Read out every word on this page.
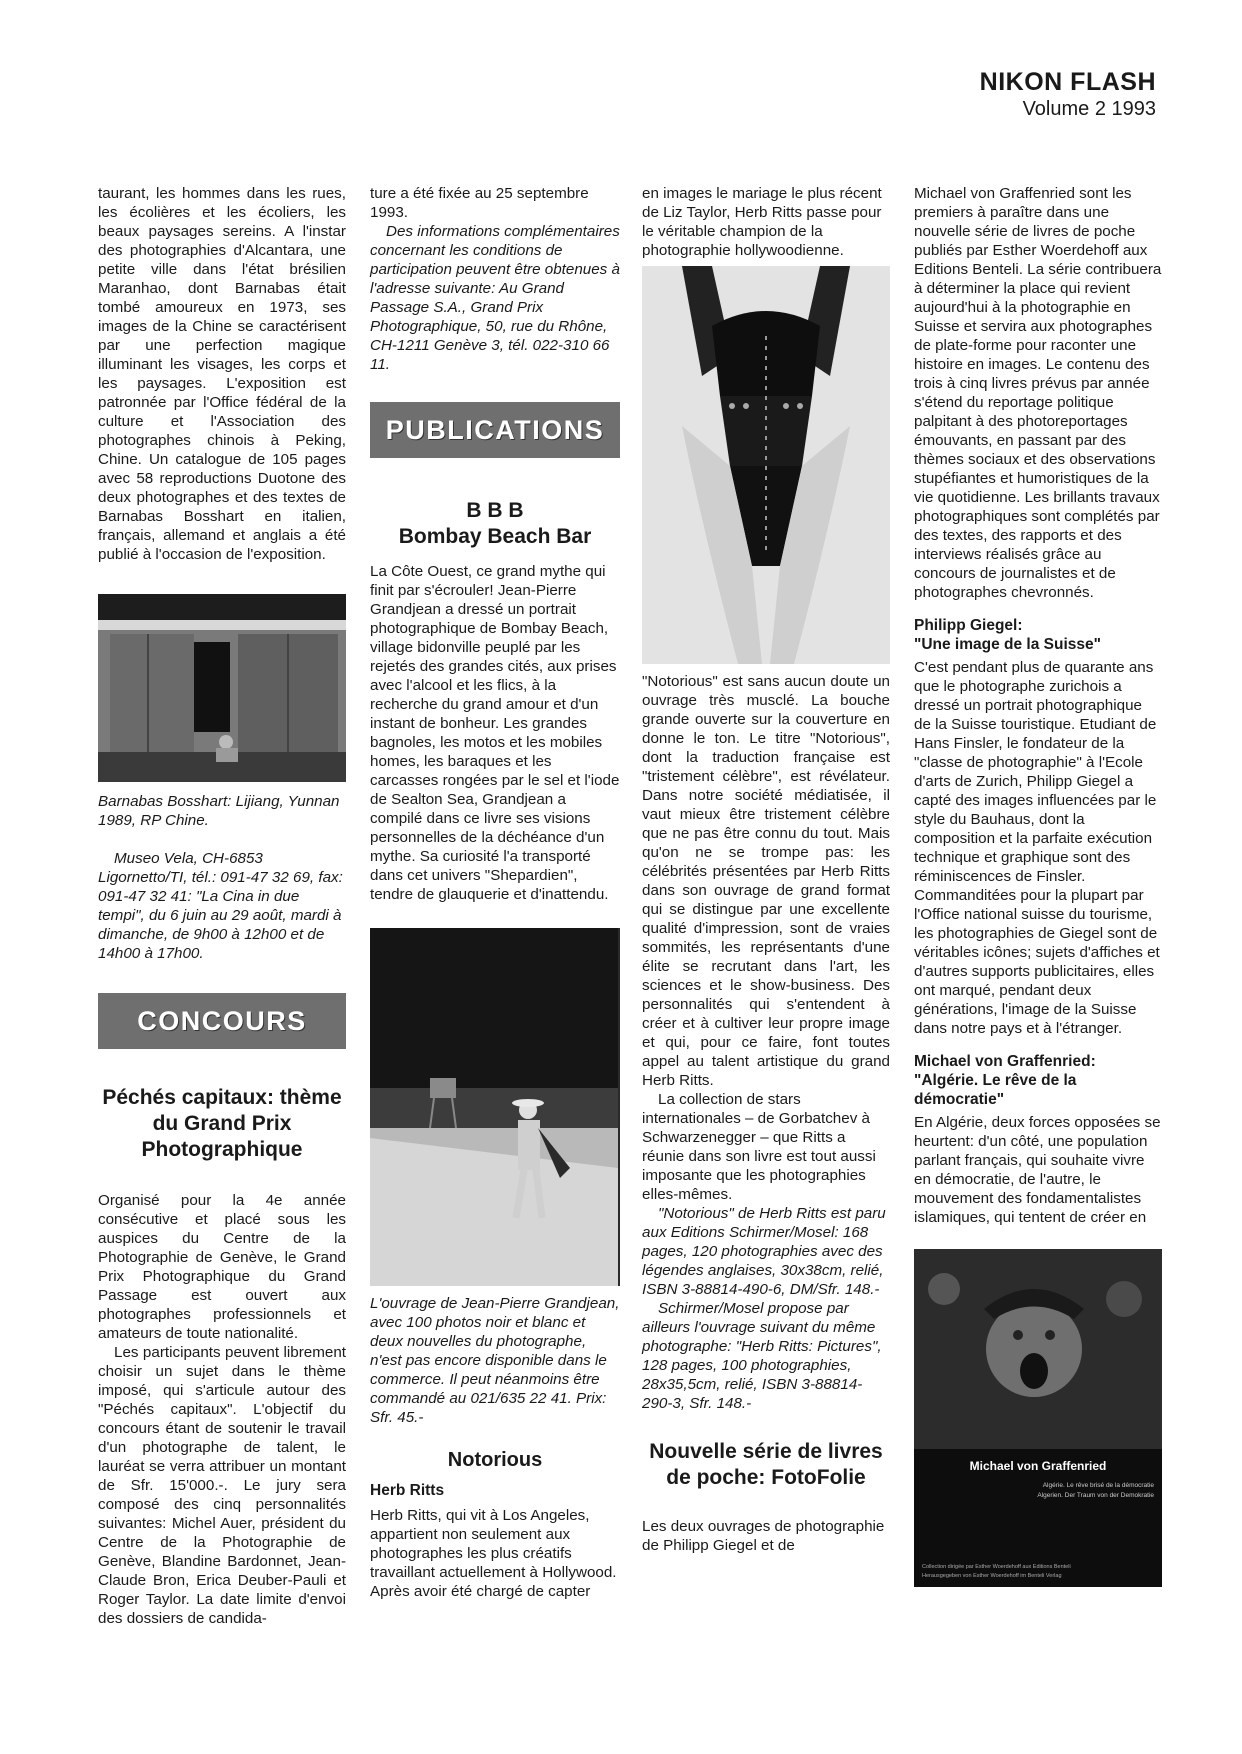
NIKON FLASH
Volume 2 1993

taurant, les hommes dans les rues, les écolières et les écoliers, les beaux paysages sereins. A l'instar des photographies d'Alcantara, une petite ville dans l'état brésilien Maranhao, dont Barnabas était tombé amoureux en 1973, ses images de la Chine se caractérisent par une perfection magique illuminant les visages, les corps et les paysages. L'exposition est patronnée par l'Office fédéral de la culture et l'Association des photographes chinois à Peking, Chine. Un catalogue de 105 pages avec 58 reproductions Duotone des deux photographes et des textes de Barnabas Bosshart en italien, français, allemand et anglais a été publié à l'occasion de l'exposition.

Barnabas Bosshart: Lijiang, Yunnan 1989, RP Chine.

Museo Vela, CH-6853 Ligornetto/TI, tél.: 091-47 32 69, fax: 091-47 32 41: "La Cina in due tempi", du 6 juin au 29 août, mardi à dimanche, de 9h00 à 12h00 et de 14h00 à 17h00.

CONCOURS
Péchés capitaux: thème du Grand Prix Photographique

Organisé pour la 4e année consécutive et placé sous les auspices du Centre de la Photographie de Genève, le Grand Prix Photographique du Grand Passage est ouvert aux photographes professionnels et amateurs de toute nationalité.

Les participants peuvent librement choisir un sujet dans le thème imposé, qui s'articule autour des "Péchés capitaux". L'objectif du concours étant de soutenir le travail d'un photographe de talent, le lauréat se verra attribuer un montant de Sfr. 15'000.-. Le jury sera composé des cinq personnalités suivantes: Michel Auer, président du Centre de la Photographie de Genève, Blandine Bardonnet, Jean-Claude Bron, Erica Deuber-Pauli et Roger Taylor. La date limite d'envoi des dossiers de candida-

ture a été fixée au 25 septembre 1993.

Des informations complémentaires concernant les conditions de participation peuvent être obtenues à l'adresse suivante: Au Grand Passage S.A., Grand Prix Photographique, 50, rue du Rhône, CH-1211 Genève 3, tél. 022-310 66 11.

PUBLICATIONS
B B B
Bombay Beach Bar

La Côte Ouest, ce grand mythe qui finit par s'écrouler! Jean-Pierre Grandjean a dressé un portrait photographique de Bombay Beach, village bidonville peuplé par les rejetés des grandes cités, aux prises avec l'alcool et les flics, à la recherche du grand amour et d'un instant de bonheur. Les grandes bagnoles, les motos et les mobiles homes, les baraques et les carcasses rongées par le sel et l'iode de Sealton Sea, Grandjean a compilé dans ce livre ses visions personnelles de la déchéance d'un mythe. Sa curiosité l'a transporté dans cet univers "Shepardien", tendre de glauquerie et d'inattendu.

L'ouvrage de Jean-Pierre Grandjean, avec 100 photos noir et blanc et deux nouvelles du photographe, n'est pas encore disponible dans le commerce. Il peut néanmoins être commandé au 021/635 22 41. Prix: Sfr. 45.-

Notorious
Herb Ritts

Herb Ritts, qui vit à Los Angeles, appartient non seulement aux photographes les plus créatifs travaillant actuellement à Hollywood. Après avoir été chargé de capter

en images le mariage le plus récent de Liz Taylor, Herb Ritts passe pour le véritable champion de la photographie hollywoodienne.

"Notorious" est sans aucun doute un ouvrage très musclé. La bouche grande ouverte sur la couverture en donne le ton. Le titre "Notorious", dont la traduction française est "tristement célèbre", est révélateur. Dans notre société médiatisée, il vaut mieux être tristement célèbre que ne pas être connu du tout. Mais qu'on ne se trompe pas: les célébrités présentées par Herb Ritts dans son ouvrage de grand format qui se distingue par une excellente qualité d'impression, sont de vraies sommités, les représentants d'une élite se recrutant dans l'art, les sciences et le show-business. Des personnalités qui s'entendent à créer et à cultiver leur propre image et qui, pour ce faire, font toutes appel au talent artistique du grand Herb Ritts.

La collection de stars internationales – de Gorbatchev à Schwarzenegger – que Ritts a réunie dans son livre est tout aussi imposante que les photographies elles-mêmes.

"Notorious" de Herb Ritts est paru aux Editions Schirmer/Mosel: 168 pages, 120 photographies avec des légendes anglaises, 30x38cm, relié, ISBN 3-88814-490-6, DM/Sfr. 148.-

Schirmer/Mosel propose par ailleurs l'ouvrage suivant du même photographe: "Herb Ritts: Pictures", 128 pages, 100 photographies, 28x35,5cm, relié, ISBN 3-88814-290-3, Sfr. 148.-

Nouvelle série de livres de poche: FotoFolie

Les deux ouvrages de photographie de Philipp Giegel et de

Michael von Graffenried sont les premiers à paraître dans une nouvelle série de livres de poche publiés par Esther Woerdehoff aux Editions Benteli. La série contribuera à déterminer la place qui revient aujourd'hui à la photographie en Suisse et servira aux photographes de plate-forme pour raconter une histoire en images. Le contenu des trois à cinq livres prévus par année s'étend du reportage politique palpitant à des photoreportages émouvants, en passant par des thèmes sociaux et des observations stupéfiantes et humoristiques de la vie quotidienne. Les brillants travaux photographiques sont complétés par des textes, des rapports et des interviews réalisés grâce au concours de journalistes et de photographes chevronnés.

Philipp Giegel:
"Une image de la Suisse"

C'est pendant plus de quarante ans que le photographe zurichois a dressé un portrait photographique de la Suisse touristique. Etudiant de Hans Finsler, le fondateur de la "classe de photographie" à l'Ecole d'arts de Zurich, Philipp Giegel a capté des images influencées par le style du Bauhaus, dont la composition et la parfaite exécution technique et graphique sont des réminiscences de Finsler. Commanditées pour la plupart par l'Office national suisse du tourisme, les photographies de Giegel sont de véritables icônes; sujets d'affiches et d'autres supports publicitaires, elles ont marqué, pendant deux générations, l'image de la Suisse dans notre pays et à l'étranger.

Michael von Graffenried:
"Algérie. Le rêve de la démocratie"

En Algérie, deux forces opposées se heurtent: d'un côté, une population parlant français, qui souhaite vivre en démocratie, de l'autre, le mouvement des fondamentalistes islamiques, qui tentent de créer en

Michael von Graffenried
Algérie. Le rêve brisé de la démocratie
Algerien. Der Traum von der Demokratie
Collection dirigée par Esther Woerdehoff aux Editions Benteli
Herausgegeben von Esther Woerdehoff im Benteli Verlag
